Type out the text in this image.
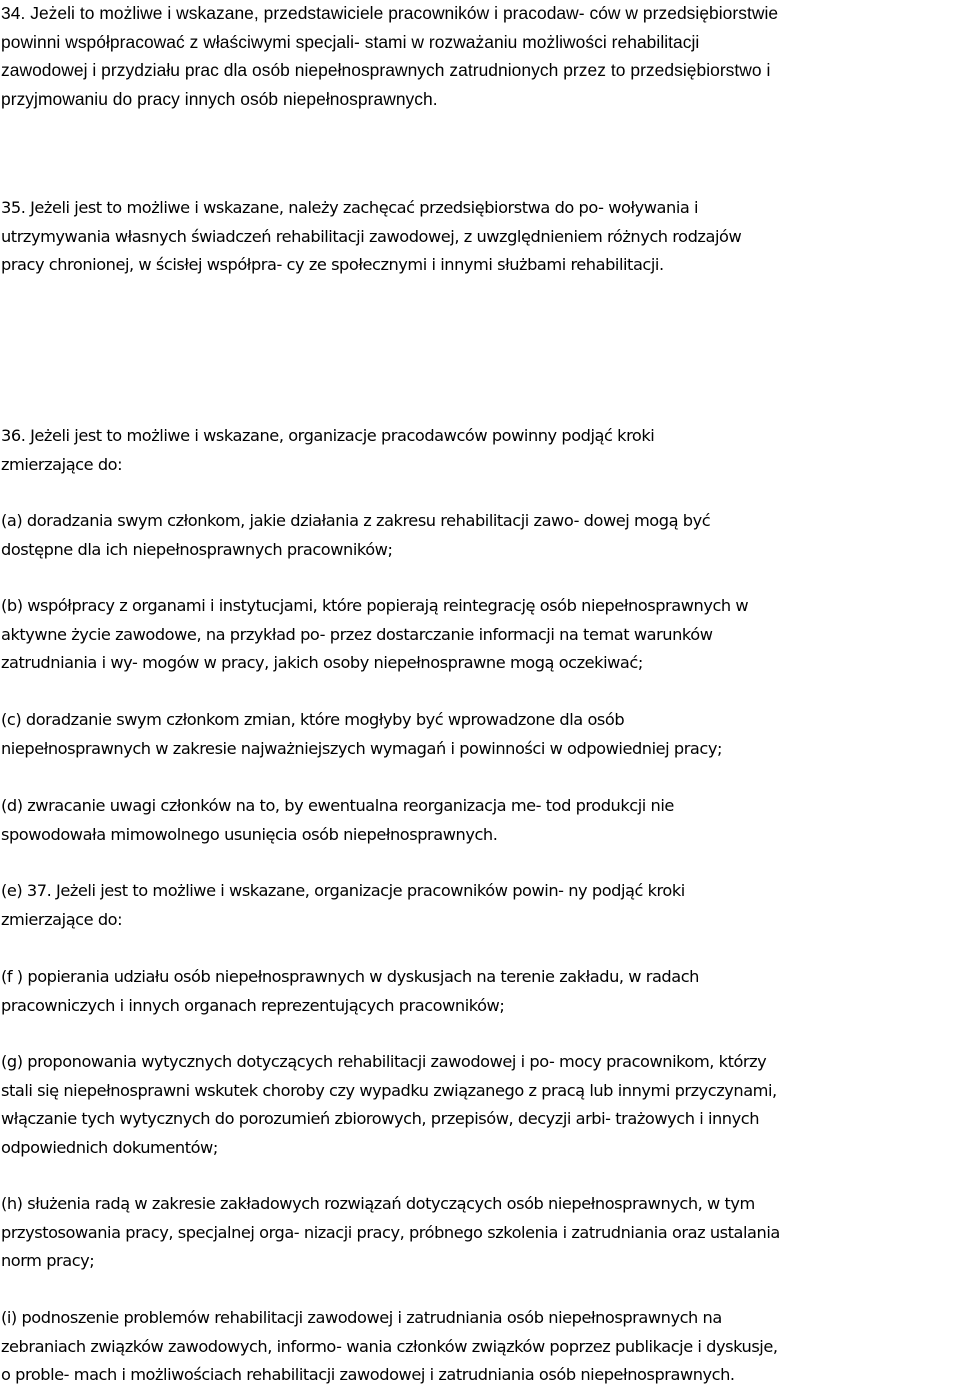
34. Jeżeli to możliwe i wskazane, przedstawiciele pracowników i pracodaw- ców w przedsiębiorstwie
powinni współpracować z właściwymi specjali- stami w rozważaniu możliwości rehabilitacji
zawodowej i przydziału prac dla osób niepełnosprawnych zatrudnionych przez to przedsiębiorstwo i
przyjmowaniu do pracy innych osób niepełnosprawnych.
35. Jeżeli jest to możliwe i wskazane, należy zachęcać przedsiębiorstwa do po- woływania i
utrzymywania własnych świadczeń rehabilitacji zawodowej, z uwzględnieniem różnych rodzajów
pracy chronionej, w ścisłej współpra- cy ze społecznymi i innymi służbami rehabilitacji.
36. Jeżeli jest to możliwe i wskazane, organizacje pracodawców powinny podjąć kroki
zmierzające do:
(a) doradzania swym członkom, jakie działania z zakresu rehabilitacji zawo- dowej mogą być
dostępne dla ich niepełnosprawnych pracowników;
(b) współpracy z organami i instytucjami, które popierają reintegrację osób niepełnosprawnych w
aktywne życie zawodowe, na przykład po- przez dostarczanie informacji na temat warunków
zatrudniania i wy- mogów w pracy, jakich osoby niepełnosprawne mogą oczekiwać;
(c) doradzanie swym członkom zmian, które mogłyby być wprowadzone dla osób
niepełnosprawnych w zakresie najważniejszych wymagań i powinności w odpowiedniej pracy;
(d) zwracanie uwagi członków na to, by ewentualna reorganizacja me- tod produkcji nie
spowodowała mimowolnego usunięcia osób niepełnosprawnych.
(e) 37. Jeżeli jest to możliwe i wskazane, organizacje pracowników powin- ny podjąć kroki
zmierzające do:
(f ) popierania udziału osób niepełnosprawnych w dyskusjach na terenie zakładu, w radach
pracowniczych i innych organach reprezentujących pracowników;
(g) proponowania wytycznych dotyczących rehabilitacji zawodowej i po- mocy pracownikom, którzy
stali się niepełnosprawni wskutek choroby czy wypadku związanego z pracą lub innymi przyczynami,
włączanie tych wytycznych do porozumień zbiorowych, przepisów, decyzji arbi- trażowych i innych
odpowiednich dokumentów;
(h) służenia radą w zakresie zakładowych rozwiązań dotyczących osób niepełnosprawnych, w tym
przystosowania pracy, specjalnej orga- nizacji pracy, próbnego szkolenia i zatrudniania oraz ustalania
norm pracy;
(i) podnoszenie problemów rehabilitacji zawodowej i zatrudniania osób niepełnosprawnych na
zebraniach związków zawodowych, informo- wania członków związków poprzez publikacje i dyskusje,
o proble- mach i możliwościach rehabilitacji zawodowej i zatrudniania osób niepełnosprawnych.
